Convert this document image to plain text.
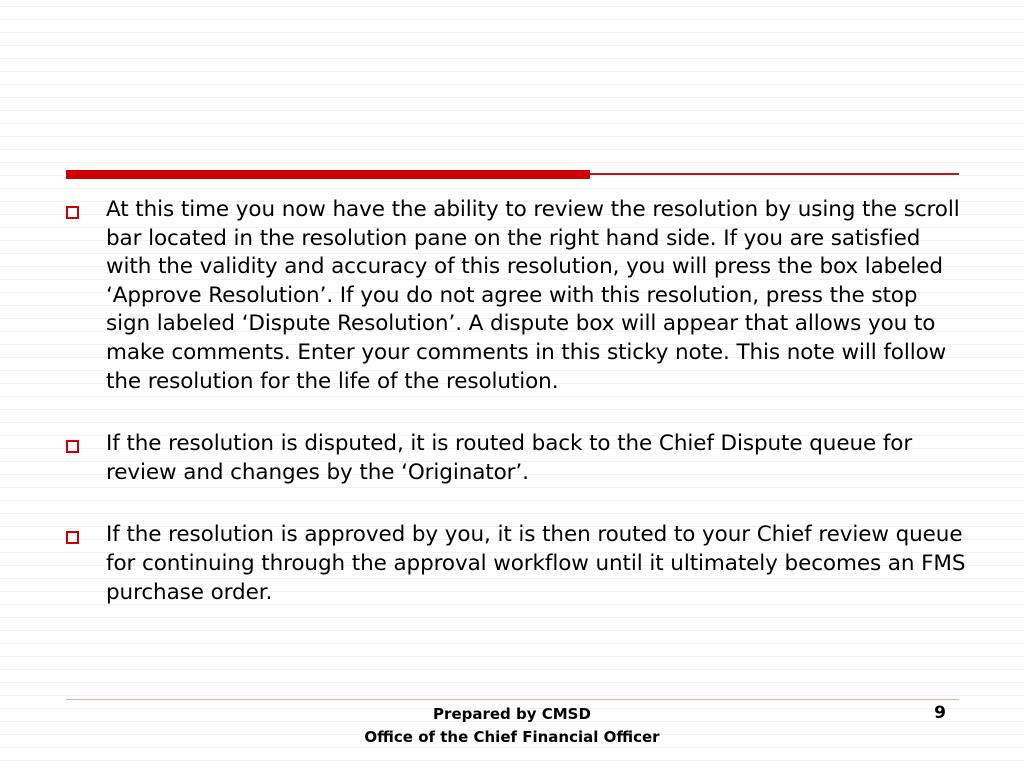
At this time you now have the ability to review the resolution by using the scroll bar located in the resolution pane on the right hand side. If you are satisfied with the validity and accuracy of this resolution, you will press the box labeled ‘Approve Resolution’. If you do not agree with this resolution, press the stop sign labeled ‘Dispute Resolution’. A dispute box will appear that allows you to make comments. Enter your comments in this sticky note. This note will follow the resolution for the life of the resolution.
If the resolution is disputed, it is routed back to the Chief Dispute queue for review and changes by the ‘Originator’.
If the resolution is approved by you, it is then routed to your Chief review queue for continuing through the approval workflow until it ultimately becomes an FMS purchase order.
Prepared by CMSD
Office of the Chief Financial Officer
9
